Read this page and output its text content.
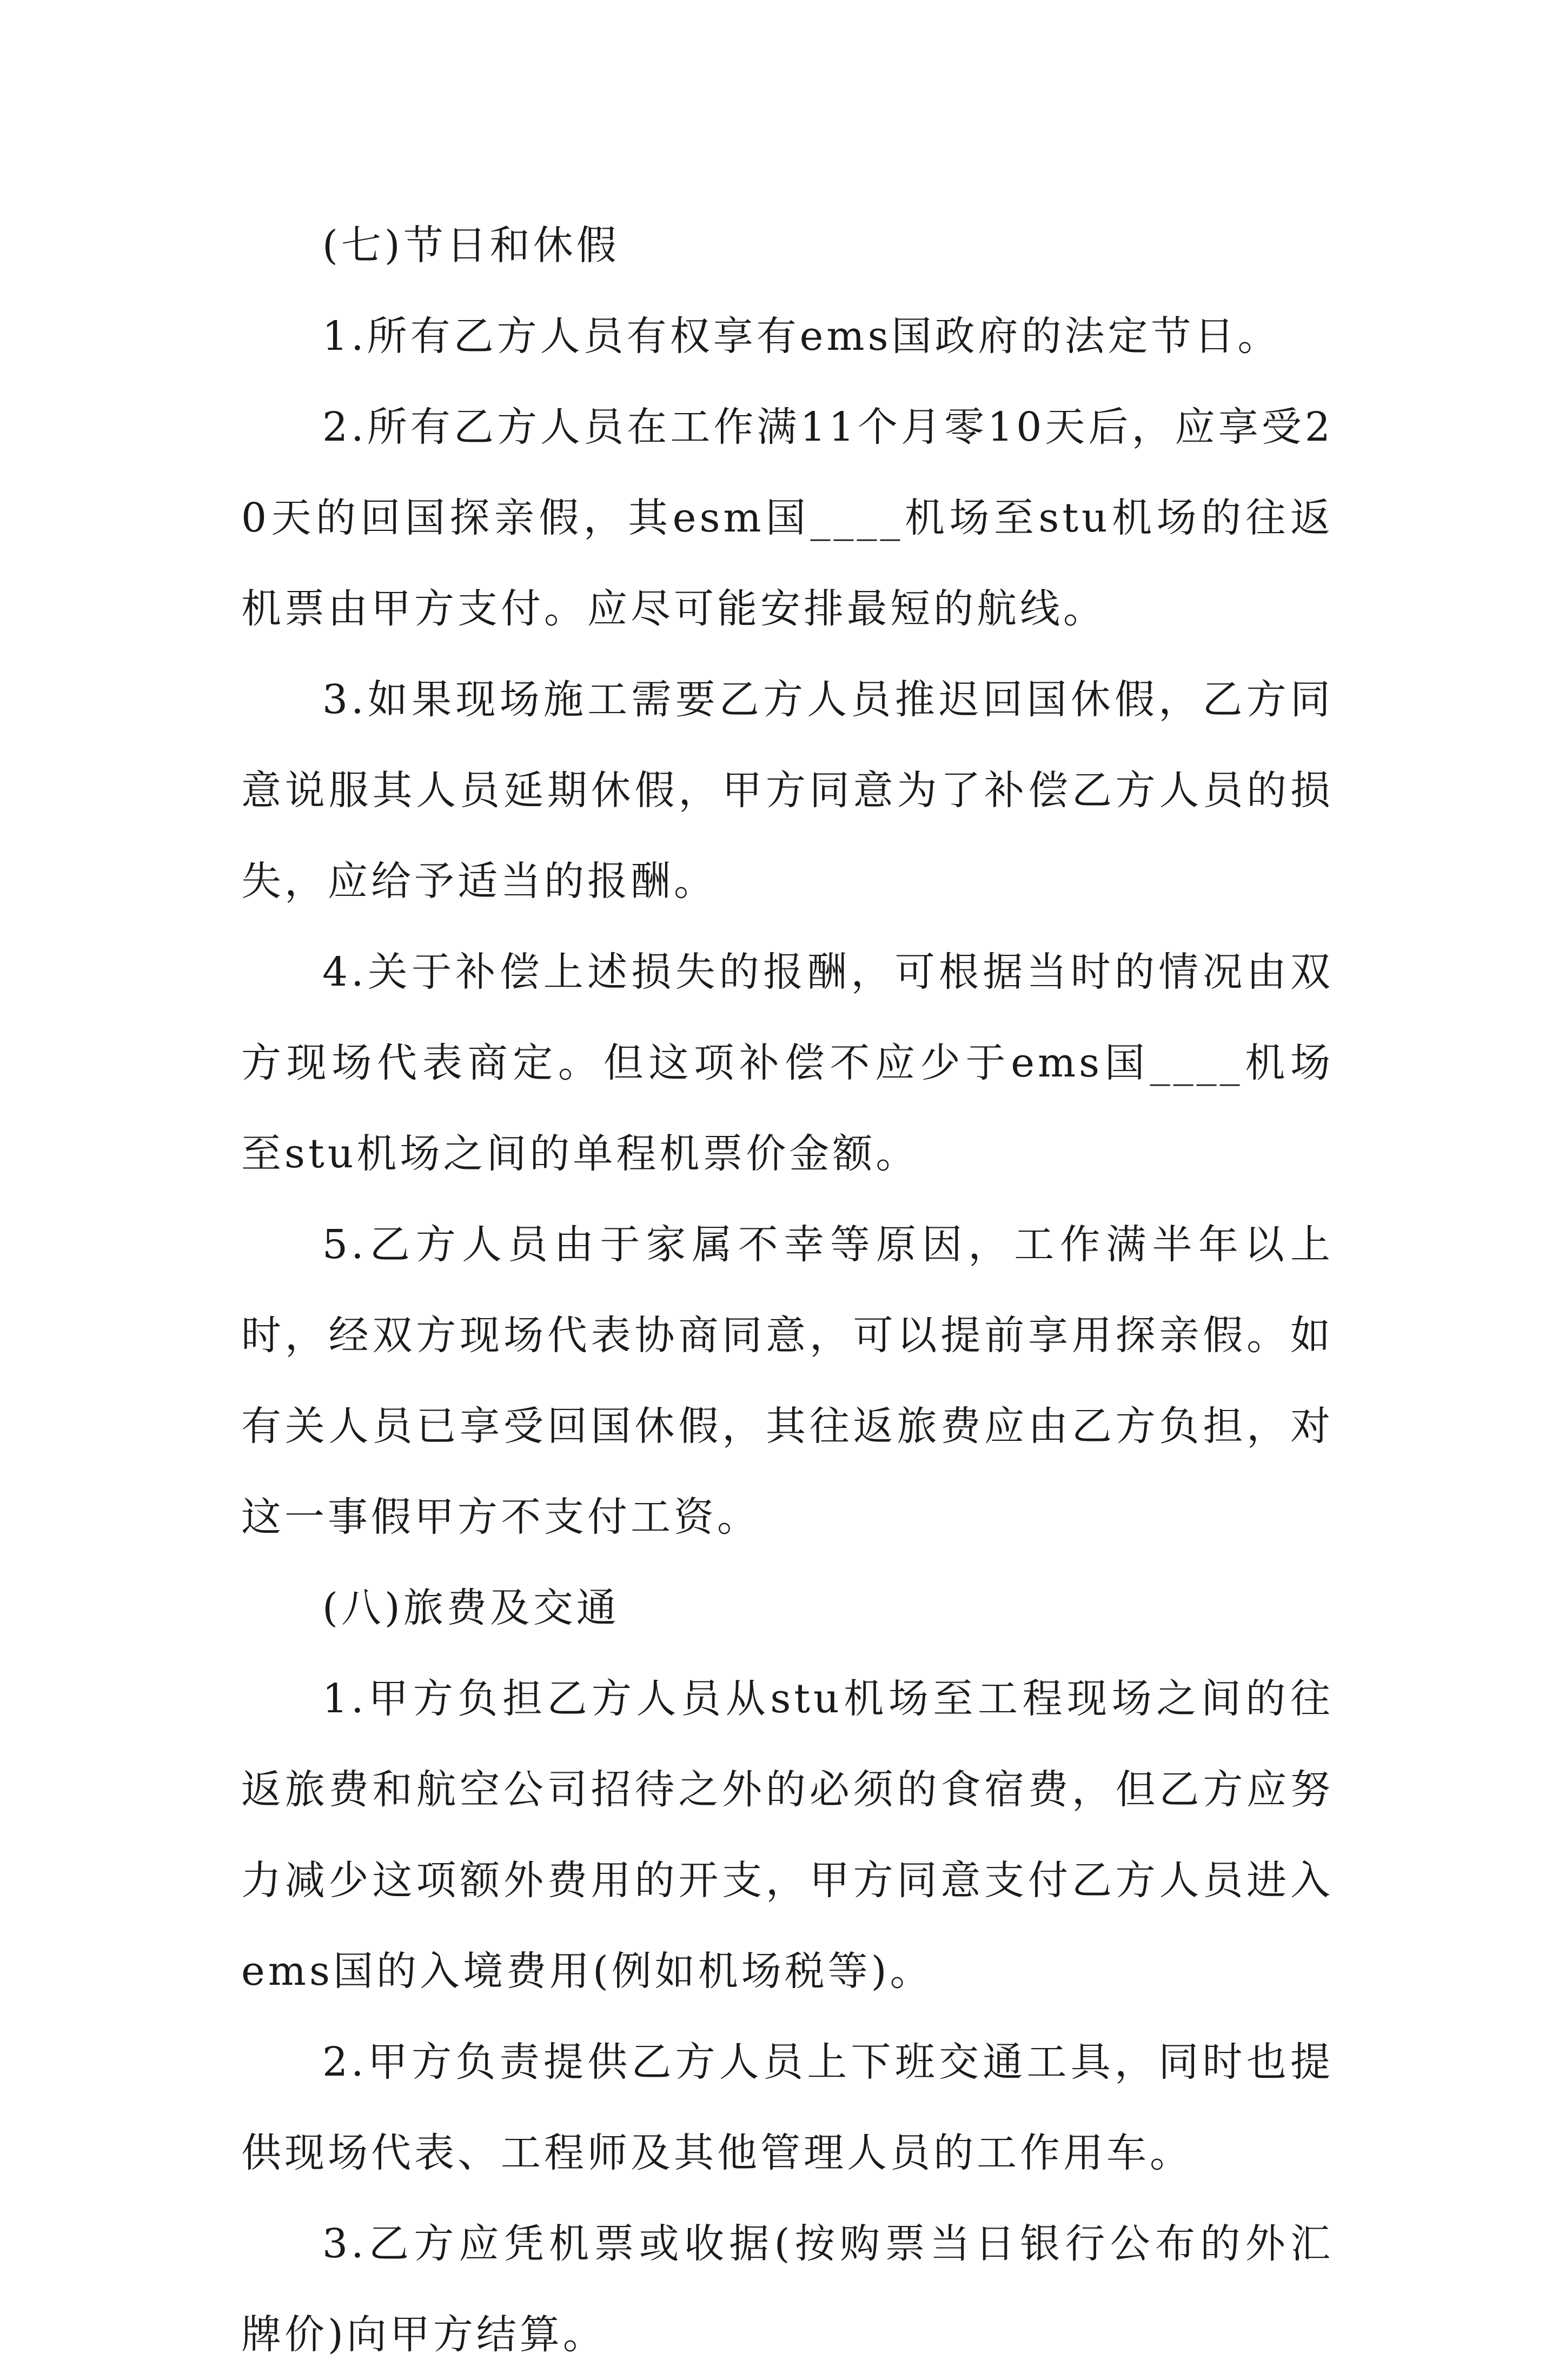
(七)节日和休假

1.所有乙方人员有权享有ems国政府的法定节日。

2.所有乙方人员在工作满11个月零10天后，应享受20天的回国探亲假，其esm国____机场至stu机场的往返机票由甲方支付。应尽可能安排最短的航线。

3.如果现场施工需要乙方人员推迟回国休假，乙方同意说服其人员延期休假，甲方同意为了补偿乙方人员的损失，应给予适当的报酬。

4.关于补偿上述损失的报酬，可根据当时的情况由双方现场代表商定。但这项补偿不应少于ems国____机场至stu机场之间的单程机票价金额。

5.乙方人员由于家属不幸等原因，工作满半年以上时，经双方现场代表协商同意，可以提前享用探亲假。如有关人员已享受回国休假，其往返旅费应由乙方负担，对这一事假甲方不支付工资。

(八)旅费及交通

1.甲方负担乙方人员从stu机场至工程现场之间的往返旅费和航空公司招待之外的必须的食宿费，但乙方应努力减少这项额外费用的开支，甲方同意支付乙方人员进入ems国的入境费用(例如机场税等)。

2.甲方负责提供乙方人员上下班交通工具，同时也提供现场代表、工程师及其他管理人员的工作用车。

3.乙方应凭机票或收据(按购票当日银行公布的外汇牌价)向甲方结算。
